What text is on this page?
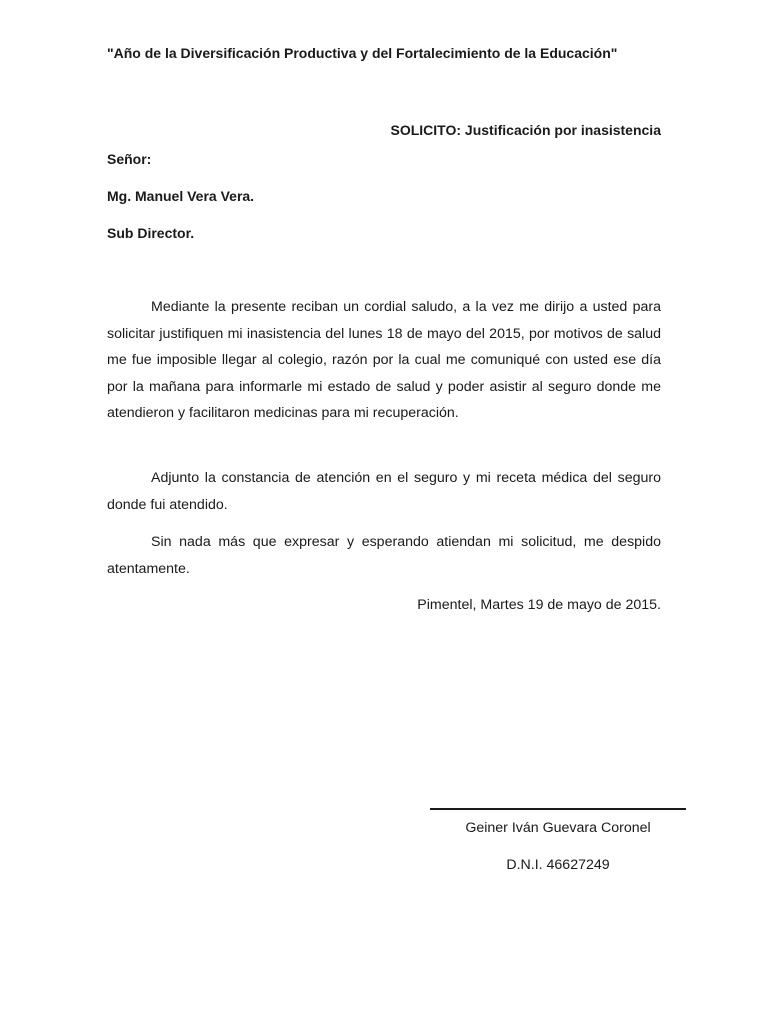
"Año de la Diversificación Productiva y del Fortalecimiento de la Educación"
SOLICITO: Justificación por inasistencia
Señor:
Mg. Manuel Vera Vera.
Sub Director.

Mediante la presente reciban un cordial saludo, a la vez me dirijo a usted para solicitar justifiquen mi inasistencia del lunes 18 de mayo del 2015, por motivos de salud me fue imposible llegar al colegio, razón por la cual me comuniqué con usted ese día por la mañana para informarle mi estado de salud y poder asistir al seguro donde me atendieron y facilitaron medicinas para mi recuperación.

Adjunto la constancia de atención en el seguro y mi receta médica del seguro donde fui atendido.

Sin nada más que expresar y esperando atiendan mi solicitud, me despido atentamente.

Pimentel, Martes 19 de mayo de 2015.
Geiner Iván Guevara Coronel
D.N.I. 46627249
